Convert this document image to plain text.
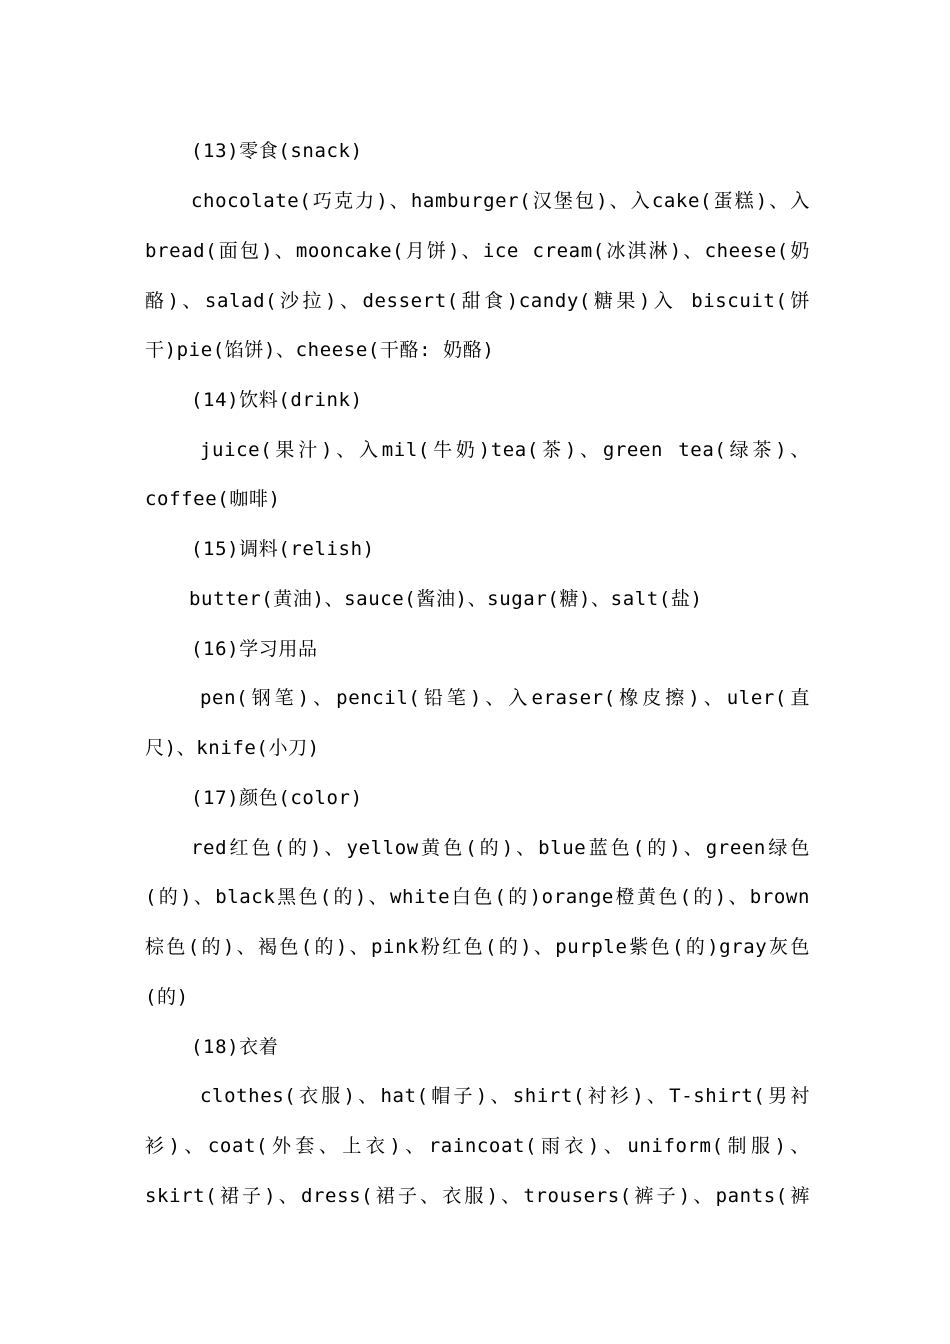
(13)零食(snack)
chocolate(巧克力)、hamburger(汉堡包)、入cake(蛋糕)、入
bread(面包)、mooncake(月饼)、ice cream(冰淇淋)、cheese(奶
酪)、salad(沙拉)、dessert(甜食)candy(糖果)入 biscuit(饼
干)pie(馅饼)、cheese(干酪: 奶酪)
(14)饮料(drink)
juice(果汁)、入mil(牛奶)tea(茶)、green tea(绿茶)、
coffee(咖啡)
(15)调料(relish)
butter(黄油)、sauce(酱油)、sugar(糖)、salt(盐)
(16)学习用品
pen(钢笔)、pencil(铅笔)、入eraser(橡皮擦)、uler(直
尺)、knife(小刀)
(17)颜色(color)
red红色(的)、yellow黄色(的)、blue蓝色(的)、green绿色
(的)、black黑色(的)、white白色(的)orange橙黄色(的)、brown
棕色(的)、褐色(的)、pink粉红色(的)、purple紫色(的)gray灰色
(的)
(18)衣着
clothes(衣服)、hat(帽子)、shirt(衬衫)、T-shirt(男衬
衫)、coat(外套、上衣)、raincoat(雨衣)、uniform(制服)、
skirt(裙子)、dress(裙子、衣服)、trousers(裤子)、pants(裤
